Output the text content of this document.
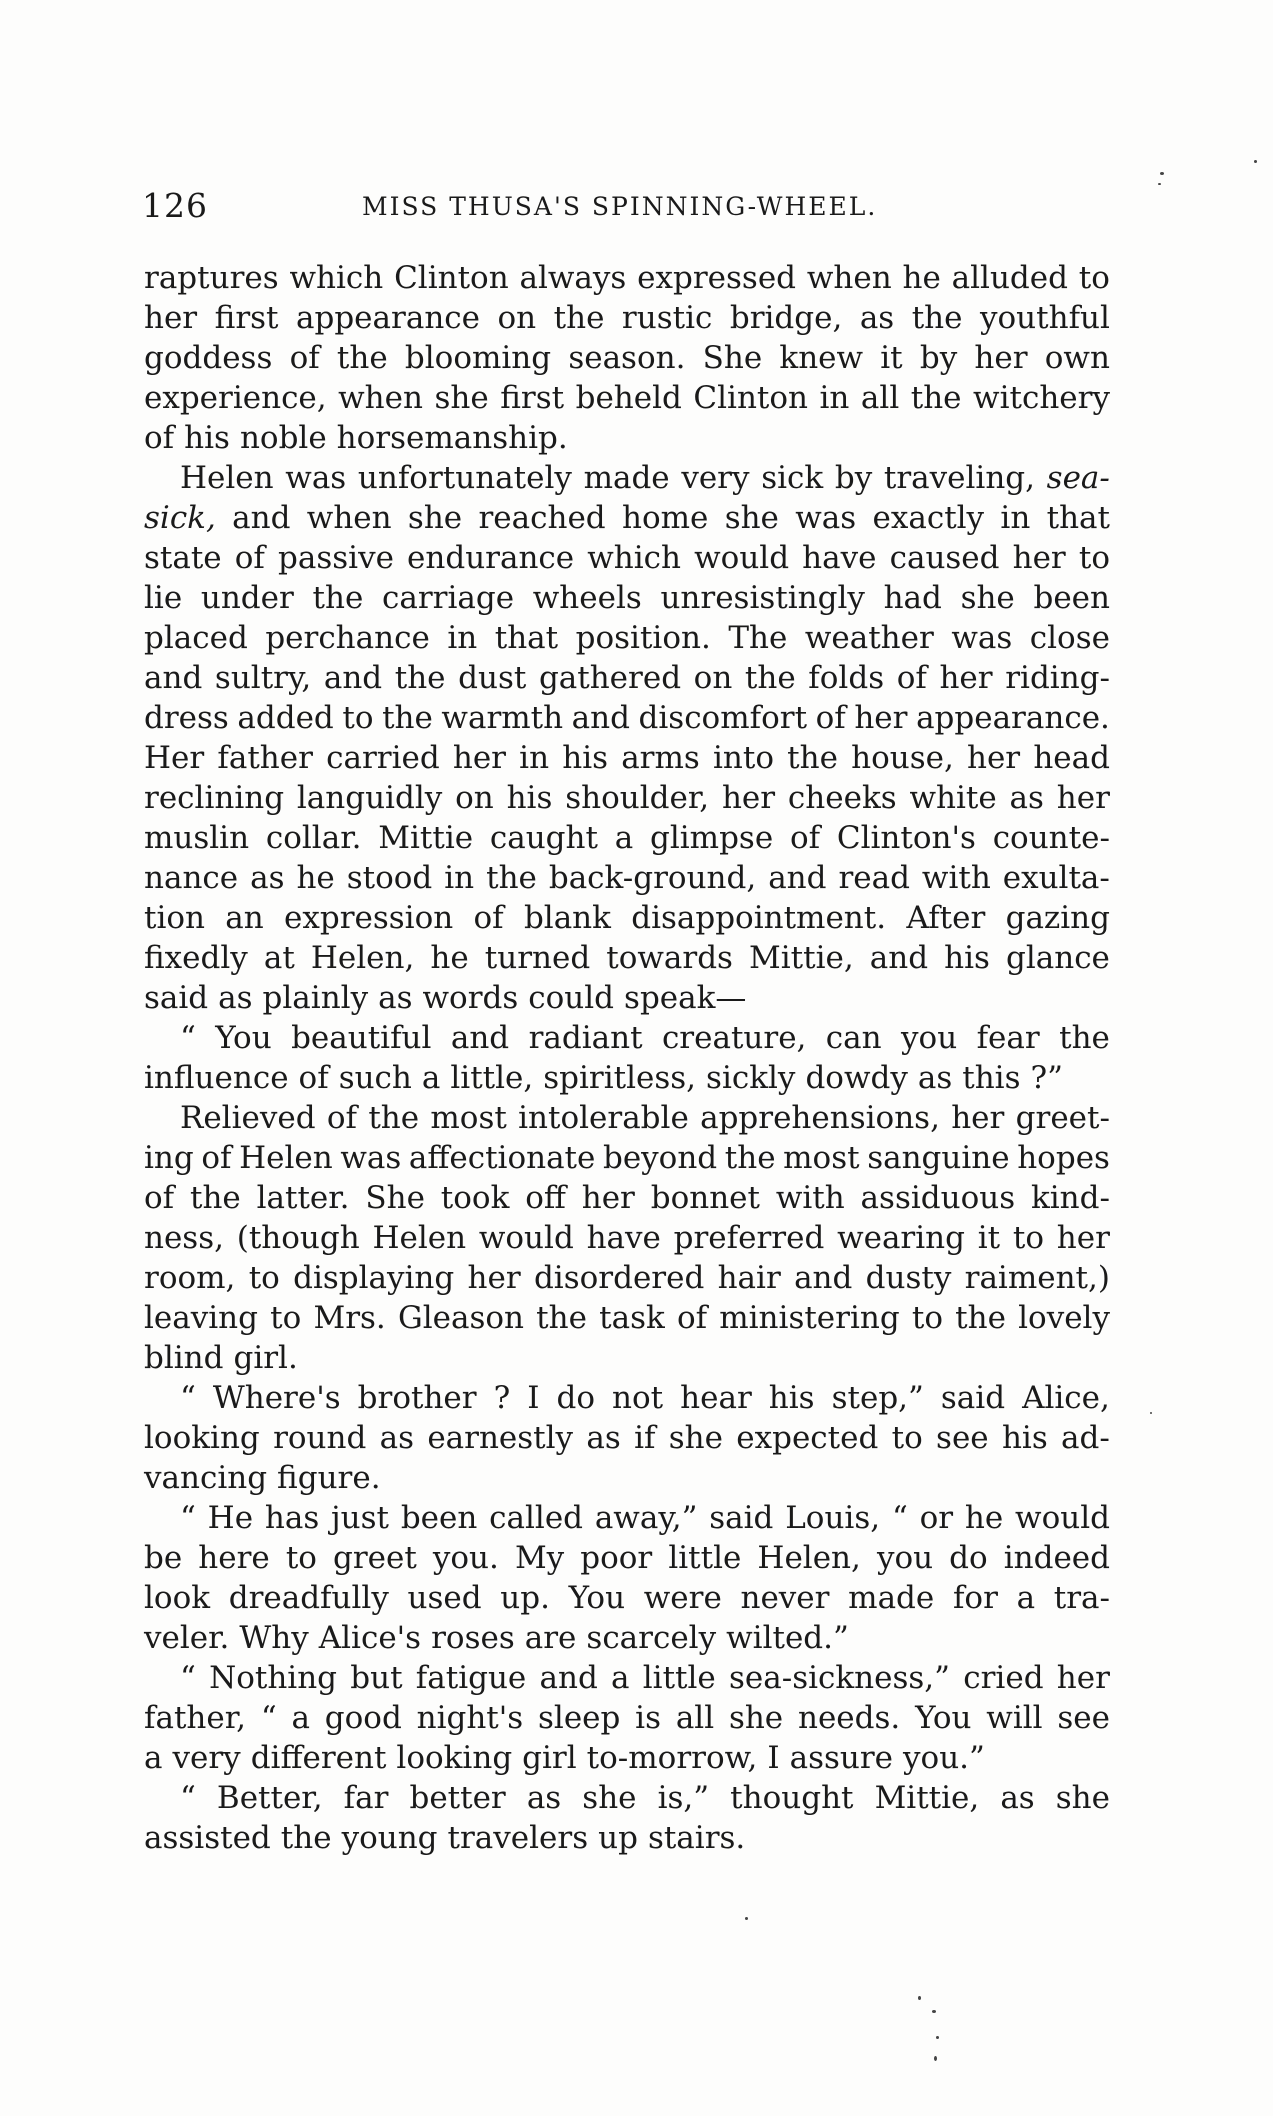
126	MISS THUSA'S SPINNING-WHEEL.
raptures which Clinton always expressed when he alluded to
her first appearance on the rustic bridge, as the youthful
goddess of the blooming season. She knew it by her own
experience, when she first beheld Clinton in all the witchery
of his noble horsemanship.
Helen was unfortunately made very sick by traveling, sea-
sick, and when she reached home she was exactly in that
state of passive endurance which would have caused her to
lie under the carriage wheels unresistingly had she been
placed perchance in that position. The weather was close
and sultry, and the dust gathered on the folds of her riding-
dress added to the warmth and discomfort of her appearance.
Her father carried her in his arms into the house, her head
reclining languidly on his shoulder, her cheeks white as her
muslin collar. Mittie caught a glimpse of Clinton's counte-
nance as he stood in the back-ground, and read with exulta-
tion an expression of blank disappointment. After gazing
fixedly at Helen, he turned towards Mittie, and his glance
said as plainly as words could speak—
“ You beautiful and radiant creature, can you fear the
influence of such a little, spiritless, sickly dowdy as this ?”
Relieved of the most intolerable apprehensions, her greet-
ing of Helen was affectionate beyond the most sanguine hopes
of the latter. She took off her bonnet with assiduous kind-
ness, (though Helen would have preferred wearing it to her
room, to displaying her disordered hair and dusty raiment,)
leaving to Mrs. Gleason the task of ministering to the lovely
blind girl.
“ Where's brother ? I do not hear his step,” said Alice,
looking round as earnestly as if she expected to see his ad-
vancing figure.
“ He has just been called away,” said Louis, “ or he would
be here to greet you. My poor little Helen, you do indeed
look dreadfully used up. You were never made for a tra-
veler. Why Alice's roses are scarcely wilted.”
“ Nothing but fatigue and a little sea-sickness,” cried her
father, “ a good night's sleep is all she needs. You will see
a very different looking girl to-morrow, I assure you.”
“ Better, far better as she is,” thought Mittie, as she
assisted the young travelers up stairs.
